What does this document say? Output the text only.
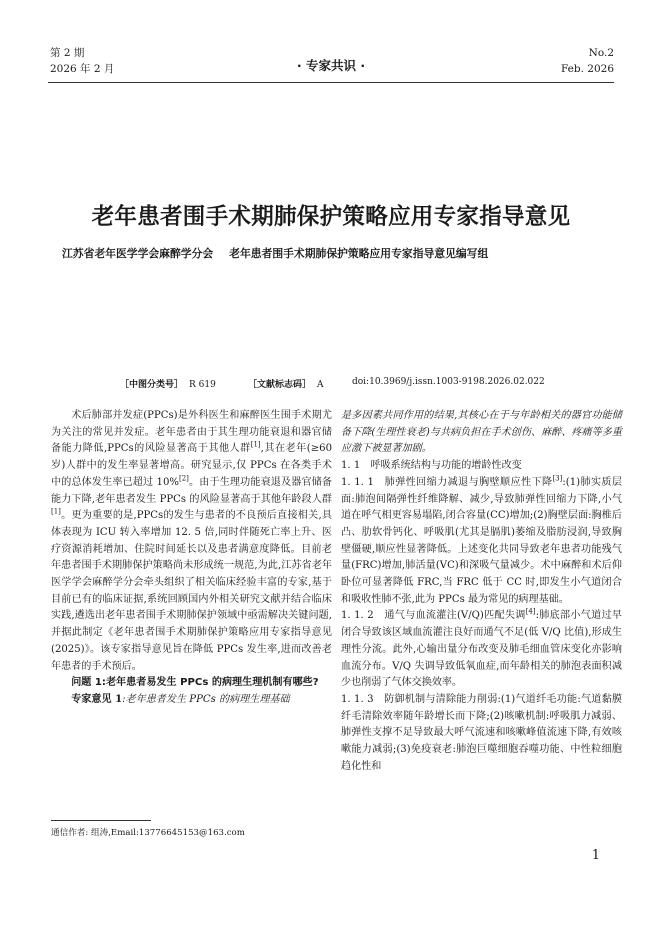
第 2 期
2026 年 2 月	· 专家共识 ·
No.2
Feb. 2026
老年患者围手术期肺保护策略应用专家指导意见
江苏省老年医学学会麻醉学分会 老年患者围手术期肺保护策略应用专家指导意见编写组
［中图分类号］ R 619	［文献标志码］ A	doi:10.3969/j.issn.1003-9198.2026.02.022

术后肺部并发症(PPCs)是外科医生和麻醉医生围手术期尤为关注的常见并发症。老年患者由于其生理功能衰退和器官储备能力降低,PPCs的风险显著高于其他人群[1],其在老年(≥60 岁)人群中的发生率显著增高。研究显示,仅 PPCs 在各类手术中的总体发生率已超过 10%[2]。由于生理功能衰退及器官储备能力下降,老年患者发生 PPCs 的风险显著高于其他年龄段人群[1]。更为重要的是,PPCs的发生与患者的不良预后直接相关,具体表现为 ICU 转入率增加 12. 5 倍,同时伴随死亡率上升、医疗资源消耗增加、住院时间延长以及患者满意度降低。目前老年患者围手术期肺保护策略尚未形成统一规范,为此,江苏省老年医学学会麻醉学分会牵头组织了相关临床经验丰富的专家,基于目前已有的临床证据,系统回顾国内外相关研究文献并结合临床实践,遴选出老年患者围手术期肺保护领域中亟需解决关键问题,并据此制定《老年患者围手术期肺保护策略应用专家指导意见(2025)》。该专家指导意见旨在降低 PPCs 发生率,进而改善老年患者的手术预后。

问题 1:老年患者易发生 PPCs 的病理生理机制有哪些?

专家意见 1:老年患者发生 PPCs 的病理生理基础

是多因素共同作用的结果,其核心在于与年龄相关的器官功能储备下降(生理性衰老)与共病负担在手术创伤、麻醉、疼痛等多重应激下被显著加剧。

1. 1　呼吸系统结构与功能的增龄性改变

1. 1. 1　肺弹性回缩力减退与胸壁顺应性下降[3]:(1)肺实质层面:肺泡间隔弹性纤维降解、减少,导致肺弹性回缩力下降,小气道在呼气相更容易塌陷,闭合容量(CC)增加;(2)胸壁层面:胸椎后凸、肋软骨钙化、呼吸肌(尤其是膈肌)萎缩及脂肪浸润,导致胸壁僵硬,顺应性显著降低。上述变化共同导致老年患者功能残气量(FRC)增加,肺活量(VC)和深吸气量减少。术中麻醉和术后仰卧位可显著降低 FRC,当 FRC 低于 CC 时,即发生小气道闭合和吸收性肺不张,此为 PPCs 最为常见的病理基础。

1. 1. 2　通气与血流灌注(V/Q)匹配失调[4]:肺底部小气道过早闭合导致该区域血流灌注良好而通气不足(低 V/Q 比值),形成生理性分流。此外,心输出量分布改变及肺毛细血管床变化亦影响血流分布。V/Q 失调导致低氧血症,而年龄相关的肺泡表面积减少也削弱了气体交换效率。

1. 1. 3　防御机制与清除能力削弱:(1)气道纤毛功能:气道黏膜纤毛清除效率随年龄增长而下降;(2)咳嗽机制:呼吸肌力减弱、肺弹性支撑不足导致最大呼气流速和咳嗽峰值流速下降,有效咳嗽能力减弱;(3)免疫衰老:肺泡巨噬细胞吞噬功能、中性粒细胞趋化性和

通信作者: 组涛,Email:13776645153@163.com
1
